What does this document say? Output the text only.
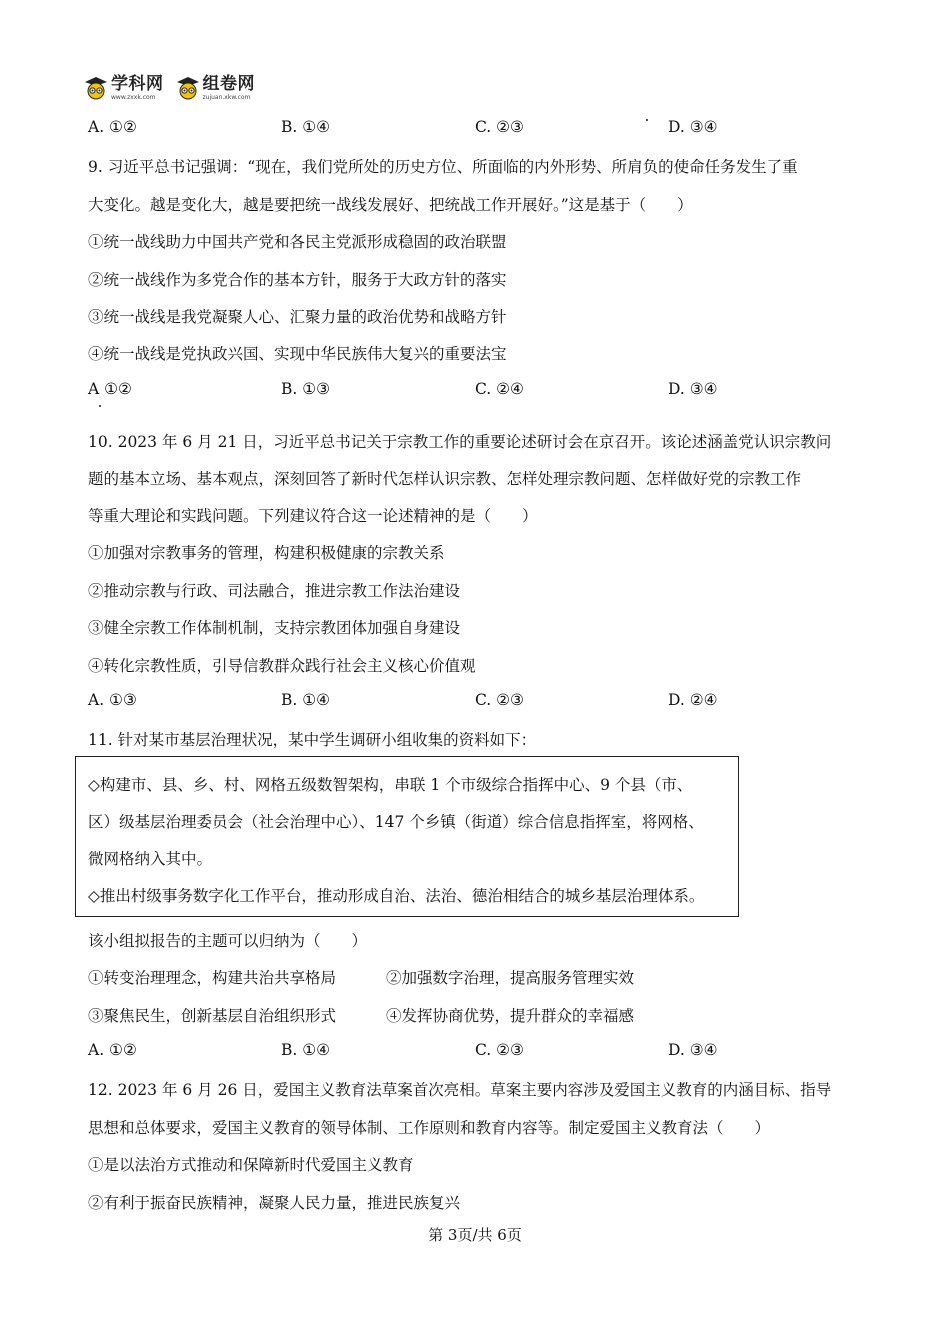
学科网
www.zxxk.com
组卷网
zujuan.xkw.com
A. ①②	B. ①④	C. ②③	D. ③④
9. 习近平总书记强调：“现在，我们党所处的历史方位、所面临的内外形势、所肩负的使命任务发生了重
大变化。越是变化大，越是要把统一战线发展好、把统战工作开展好。”这是基于（　　）
①统一战线助力中国共产党和各民主党派形成稳固的政治联盟
②统一战线作为多党合作的基本方针，服务于大政方针的落实
③统一战线是我党凝聚人心、汇聚力量的政治优势和战略方针
④统一战线是党执政兴国、实现中华民族伟大复兴的重要法宝
A ①②	B. ①③	C. ②④	D. ③④
10. 2023 年 6 月 21 日，习近平总书记关于宗教工作的重要论述研讨会在京召开。该论述涵盖党认识宗教问
题的基本立场、基本观点，深刻回答了新时代怎样认识宗教、怎样处理宗教问题、怎样做好党的宗教工作
等重大理论和实践问题。下列建议符合这一论述精神的是（　　）
①加强对宗教事务的管理，构建积极健康的宗教关系
②推动宗教与行政、司法融合，推进宗教工作法治建设
③健全宗教工作体制机制，支持宗教团体加强自身建设
④转化宗教性质，引导信教群众践行社会主义核心价值观
A. ①③	B. ①④	C. ②③	D. ②④
11. 针对某市基层治理状况，某中学生调研小组收集的资料如下：
◇构建市、县、乡、村、网格五级数智架构，串联 1 个市级综合指挥中心、9 个县（市、
区）级基层治理委员会（社会治理中心）、147 个乡镇（街道）综合信息指挥室，将网格、
微网格纳入其中。
◇推出村级事务数字化工作平台，推动形成自治、法治、德治相结合的城乡基层治理体系。
该小组拟报告的主题可以归纳为（　　）
①转变治理理念，构建共治共享格局	②加强数字治理，提高服务管理实效
③聚焦民生，创新基层自治组织形式	④发挥协商优势，提升群众的幸福感
A. ①②	B. ①④	C. ②③	D. ③④
12. 2023 年 6 月 26 日，爱国主义教育法草案首次亮相。草案主要内容涉及爱国主义教育的内涵目标、指导
思想和总体要求，爱国主义教育的领导体制、工作原则和教育内容等。制定爱国主义教育法（　　）
①是以法治方式推动和保障新时代爱国主义教育
②有利于振奋民族精神，凝聚人民力量，推进民族复兴
第 3页/共 6页
